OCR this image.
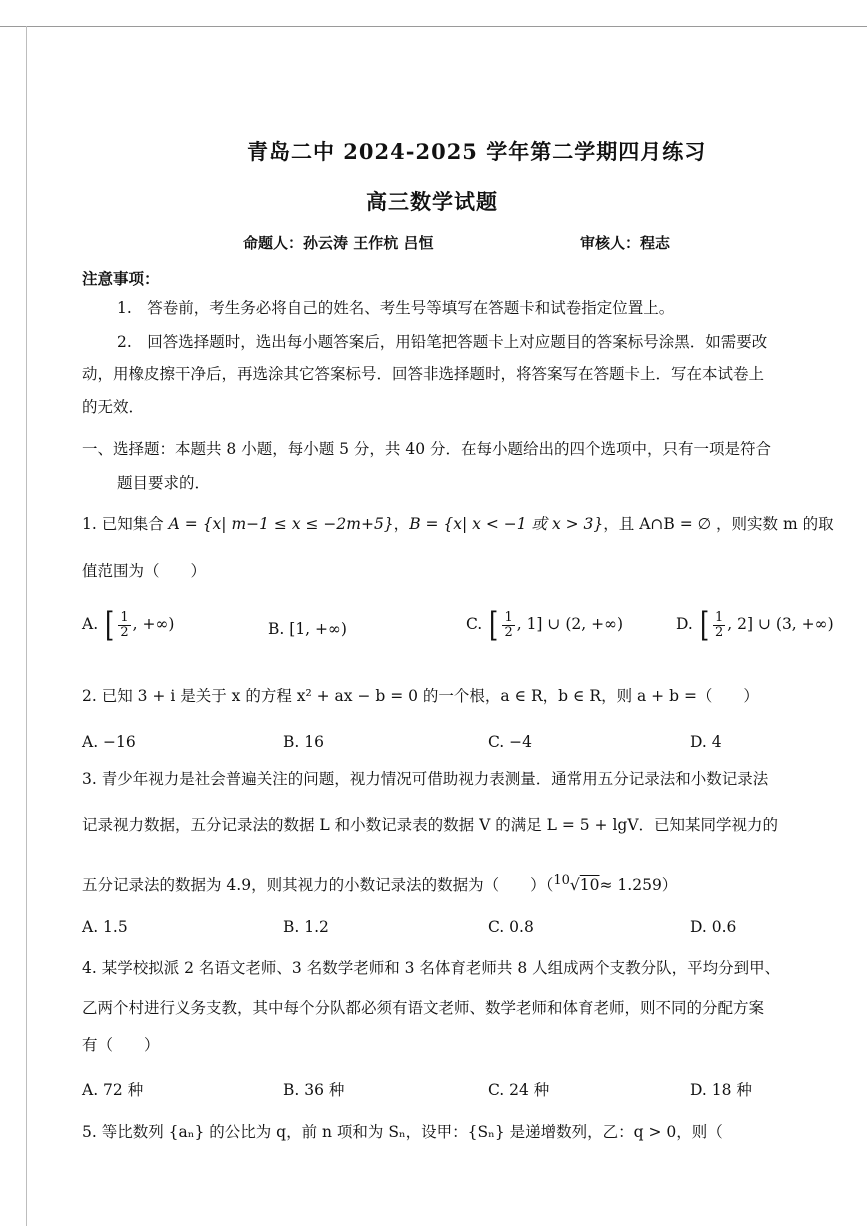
青岛二中 2024-2025 学年第二学期四月练习
高三数学试题
命题人：孙云涛 王作杭 吕恒	审核人：程志
注意事项：
1.　答卷前，考生务必将自己的姓名、考生号等填写在答题卡和试卷指定位置上。
2.　回答选择题时，选出每小题答案后，用铅笔把答题卡上对应题目的答案标号涂黑．如需要改
动，用橡皮擦干净后，再选涂其它答案标号．回答非选择题时，将答案写在答题卡上．写在本试卷上
的无效．
一、选择题：本题共 8 小题，每小题 5 分，共 40 分．在每小题给出的四个选项中，只有一项是符合
题目要求的．
1. 已知集合 A = {x| m−1 ≤ x ≤ −2m+5}，B = {x| x < −1 或 x > 3}，且 A∩B = ∅ ，则实数 m 的取
值范围为（　　）
A. [ $\frac{1}{2}$ , +∞)	B. [1, +∞)	C. [ $\frac{1}{2}$ , 1] ∪ (2, +∞)	D. [ $\frac{1}{2}$ , 2] ∪ (3, +∞)
2. 已知 3 + i 是关于 x 的方程 x² + ax − b = 0 的一个根，a ∈ R，b ∈ R，则 a + b =（　　）
A. −16	B. 16	C. −4	D. 4
3. 青少年视力是社会普遍关注的问题，视力情况可借助视力表测量．通常用五分记录法和小数记录法
记录视力数据，五分记录法的数据 L 和小数记录表的数据 V 的满足 L = 5 + lgV．已知某同学视力的
五分记录法的数据为 4.9，则其视力的小数记录法的数据为（　　）（$^{10}$√10≈ 1.259）
A. 1.5	B. 1.2	C. 0.8	D. 0.6
4. 某学校拟派 2 名语文老师、3 名数学老师和 3 名体育老师共 8 人组成两个支教分队，平均分到甲、
乙两个村进行义务支教，其中每个分队都必须有语文老师、数学老师和体育老师，则不同的分配方案
有（　　）
A. 72 种	B. 36 种	C. 24 种	D. 18 种
5. 等比数列 {aₙ} 的公比为 q，前 n 项和为 Sₙ，设甲：{Sₙ} 是递增数列，乙：q > 0，则（
